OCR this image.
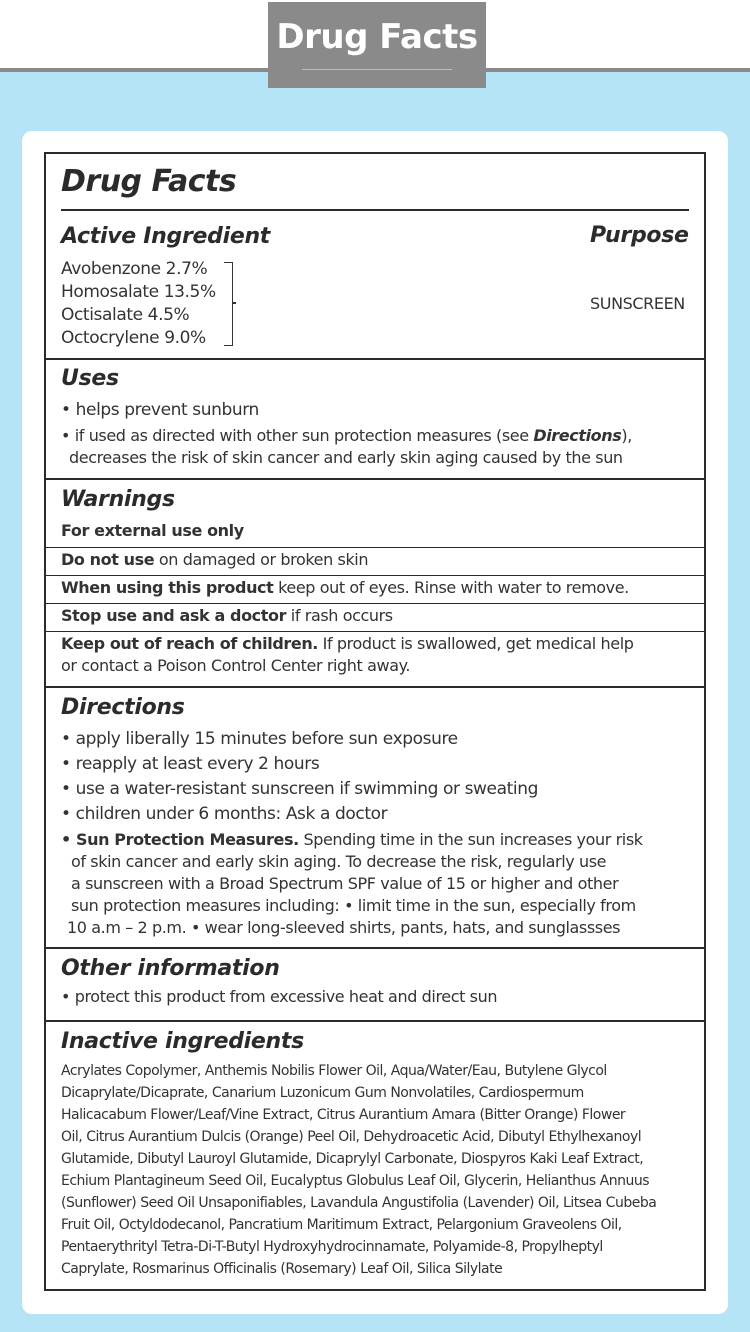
Drug Facts
Drug Facts
Active Ingredient	Purpose
Avobenzone 2.7%
Homosalate 13.5%
Octisalate 4.5%
Octocrylene 9.0%
SUNSCREEN
Uses
• helps prevent sunburn
• if used as directed with other sun protection measures (see Directions),
decreases the risk of skin cancer and early skin aging caused by the sun
Warnings
For external use only
Do not use on damaged or broken skin
When using this product keep out of eyes. Rinse with water to remove.
Stop use and ask a doctor if rash occurs
Keep out of reach of children. If product is swallowed, get medical help
or contact a Poison Control Center right away.
Directions
• apply liberally 15 minutes before sun exposure
• reapply at least every 2 hours
• use a water-resistant sunscreen if swimming or sweating
• children under 6 months: Ask a doctor
• Sun Protection Measures. Spending time in the sun increases your risk
of skin cancer and early skin aging. To decrease the risk, regularly use
a sunscreen with a Broad Spectrum SPF value of 15 or higher and other
sun protection measures including: • limit time in the sun, especially from
10 a.m – 2 p.m. • wear long-sleeved shirts, pants, hats, and sunglassses
Other information
• protect this product from excessive heat and direct sun
Inactive ingredients
Acrylates Copolymer, Anthemis Nobilis Flower Oil, Aqua/Water/Eau, Butylene Glycol
Dicaprylate/Dicaprate, Canarium Luzonicum Gum Nonvolatiles, Cardiospermum
Halicacabum Flower/Leaf/Vine Extract, Citrus Aurantium Amara (Bitter Orange) Flower
Oil, Citrus Aurantium Dulcis (Orange) Peel Oil, Dehydroacetic Acid, Dibutyl Ethylhexanoyl
Glutamide, Dibutyl Lauroyl Glutamide, Dicaprylyl Carbonate, Diospyros Kaki Leaf Extract,
Echium Plantagineum Seed Oil, Eucalyptus Globulus Leaf Oil, Glycerin, Helianthus Annuus
(Sunflower) Seed Oil Unsaponifiables, Lavandula Angustifolia (Lavender) Oil, Litsea Cubeba
Fruit Oil, Octyldodecanol, Pancratium Maritimum Extract, Pelargonium Graveolens Oil,
Pentaerythrityl Tetra-Di-T-Butyl Hydroxyhydrocinnamate, Polyamide-8, Propylheptyl
Caprylate, Rosmarinus Officinalis (Rosemary) Leaf Oil, Silica Silylate
